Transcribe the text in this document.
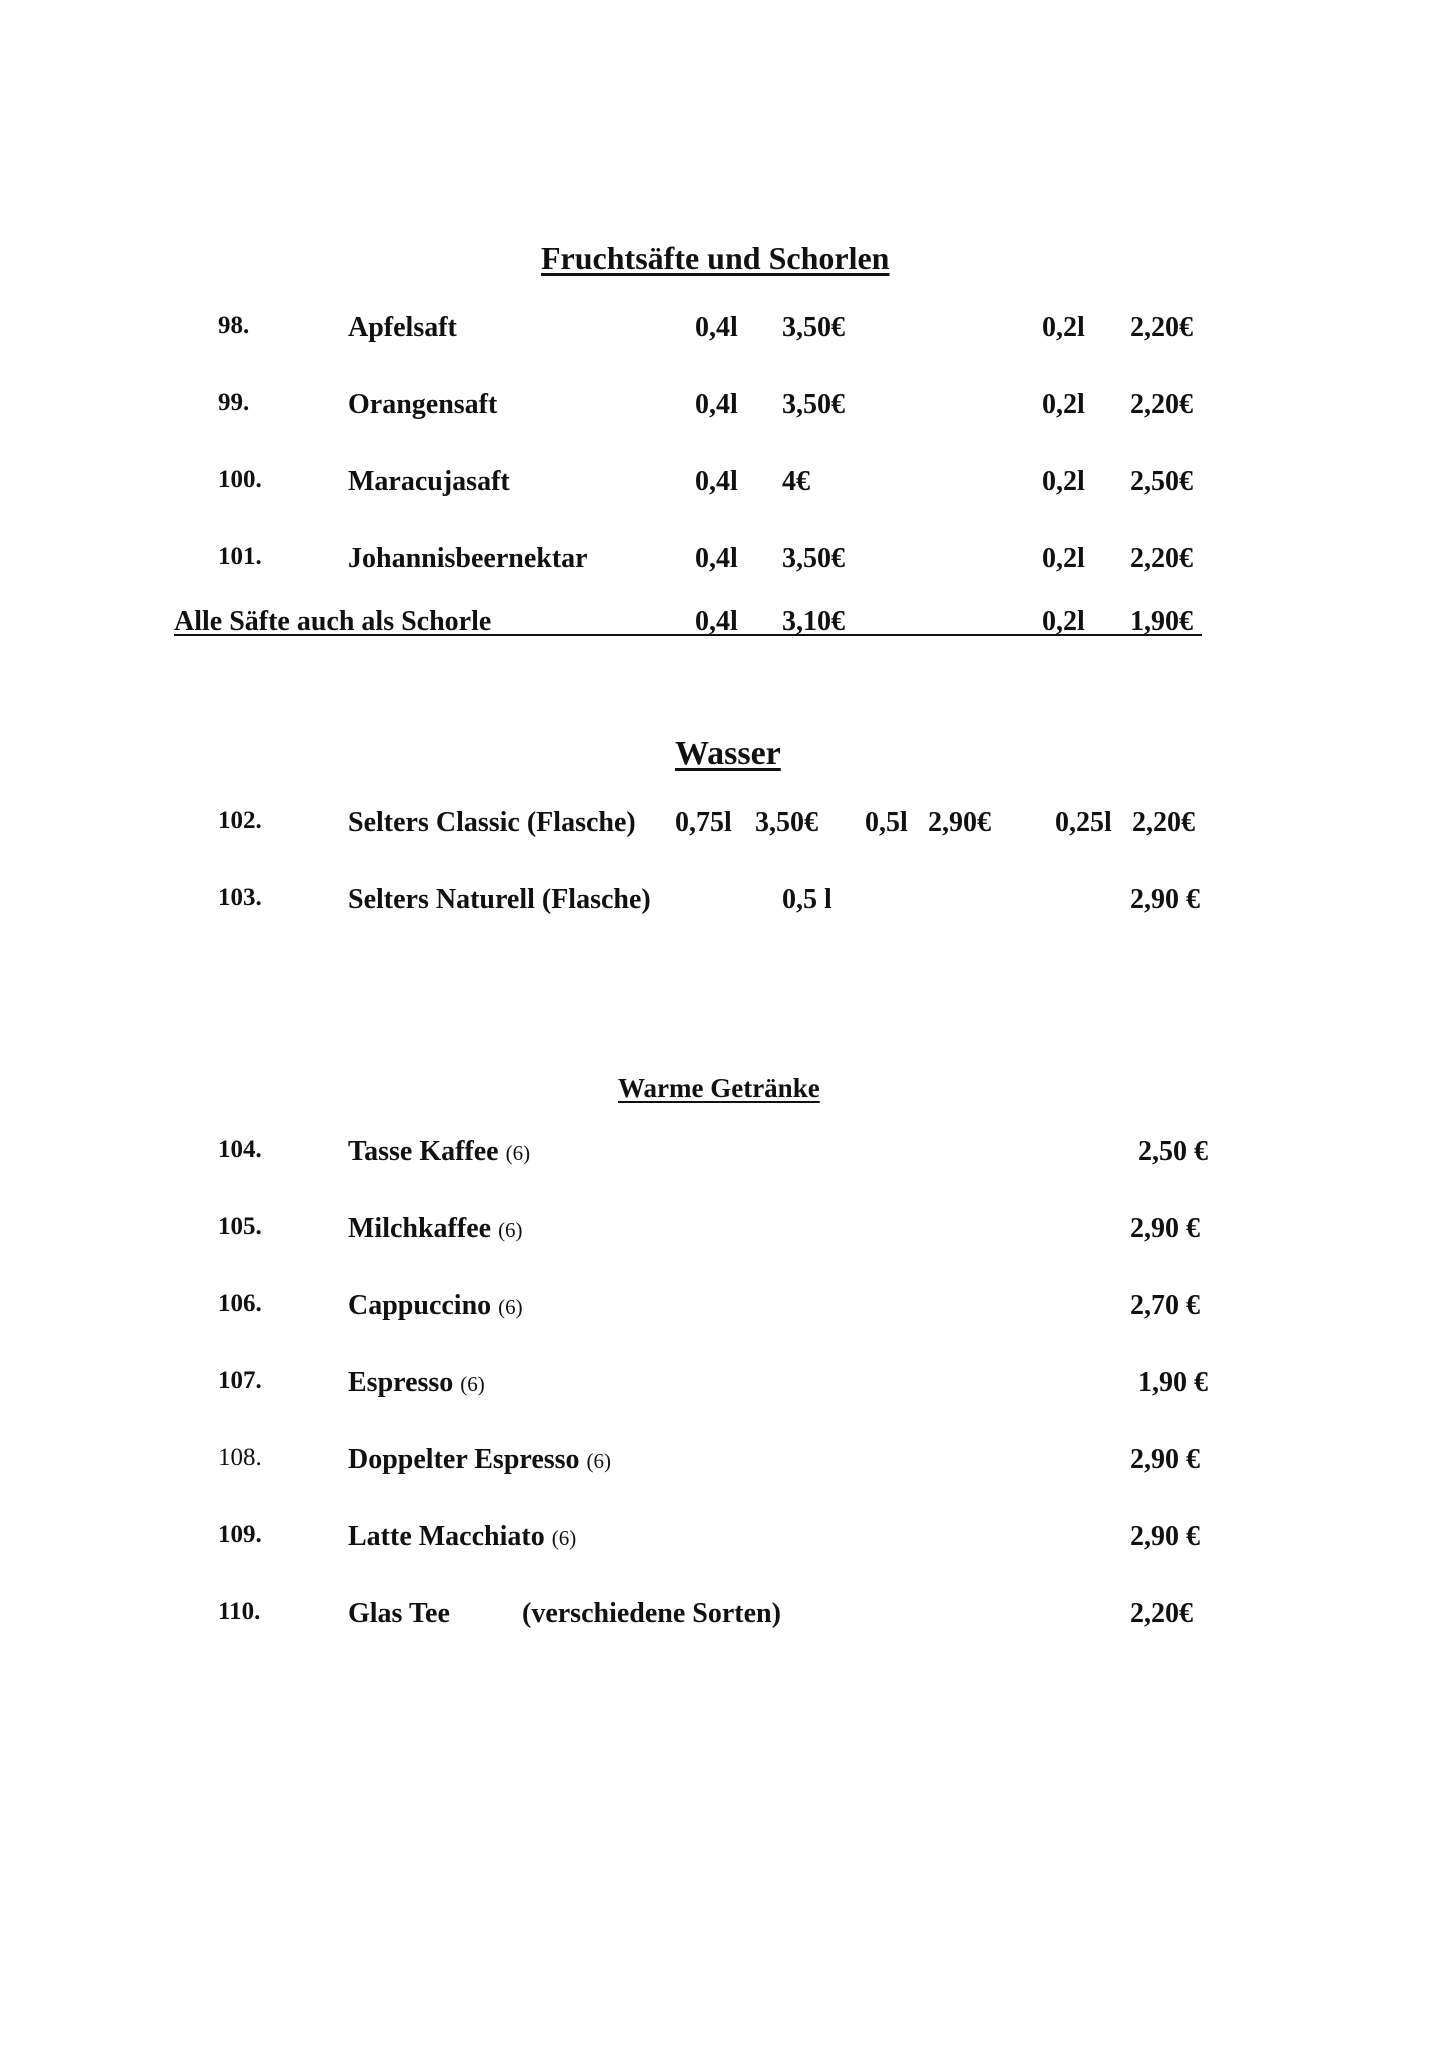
Fruchtsäfte und Schorlen
98.	Apfelsaft	0,4l 3,50€	0,2l 2,20€
99.	Orangensaft	0,4l 3,50€	0,2l 2,20€
100.	Maracujasaft	0,4l 4€	0,2l 2,50€
101.	Johannisbeernektar	0,4l 3,50€	0,2l 2,20€
Alle Säfte auch als Schorle	0,4l 3,10€	0,2l 1,90€
Wasser
102.	Selters Classic (Flasche) 0,75l 3,50€ 0,5l 2,90€ 0,25l 2,20€
103.	Selters Naturell (Flasche)	0,5 l	2,90 €
Warme Getränke
104.	Tasse Kaffee (6)	2,50 €
105.	Milchkaffee (6)	2,90 €
106.	Cappuccino (6)	2,70 €
107.	Espresso (6)	1,90 €
108.	Doppelter Espresso (6)	2,90 €
109.	Latte Macchiato (6)	2,90 €
110.	Glas Tee	(verschiedene Sorten)	2,20€
